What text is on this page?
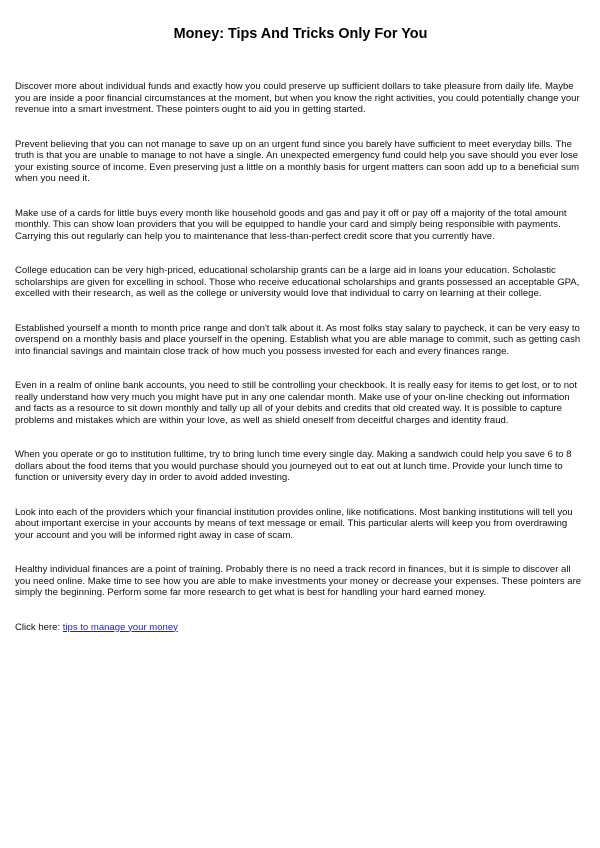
Money: Tips And Tricks Only For You

Discover more about individual funds and exactly how you could preserve up sufficient dollars to take pleasure from daily life. Maybe you are inside a poor financial circumstances at the moment, but when you know the right activities, you could potentially change your revenue into a smart investment. These pointers ought to aid you in getting started.

Prevent believing that you can not manage to save up on an urgent fund since you barely have sufficient to meet everyday bills. The truth is that you are unable to manage to not have a single. An unexpected emergency fund could help you save should you ever lose your existing source of income. Even preserving just a little on a monthly basis for urgent matters can soon add up to a beneficial sum when you need it.

Make use of a cards for little buys every month like household goods and gas and pay it off or pay off a majority of the total amount monthly. This can show loan providers that you will be equipped to handle your card and simply being responsible with payments. Carrying this out regularly can help you to maintenance that less-than-perfect credit score that you currently have.

College education can be very high-priced, educational scholarship grants can be a large aid in loans your education. Scholastic scholarships are given for excelling in school. Those who receive educational scholarships and grants possessed an acceptable GPA, excelled with their research, as well as the college or university would love that individual to carry on learning at their college.

Established yourself a month to month price range and don't talk about it. As most folks stay salary to paycheck, it can be very easy to overspend on a monthly basis and place yourself in the opening. Establish what you are able manage to commit, such as getting cash into financial savings and maintain close track of how much you possess invested for each and every finances range.

Even in a realm of online bank accounts, you need to still be controlling your checkbook. It is really easy for items to get lost, or to not really understand how very much you might have put in any one calendar month. Make use of your on-line checking out information and facts as a resource to sit down monthly and tally up all of your debits and credits that old created way. It is possible to capture problems and mistakes which are within your love, as well as shield oneself from deceitful charges and identity fraud.

When you operate or go to institution fulltime, try to bring lunch time every single day. Making a sandwich could help you save 6 to 8 dollars about the food items that you would purchase should you journeyed out to eat out at lunch time. Provide your lunch time to function or university every day in order to avoid added investing.

Look into each of the providers which your financial institution provides online, like notifications. Most banking institutions will tell you about important exercise in your accounts by means of text message or email. This particular alerts will keep you from overdrawing your account and you will be informed right away in case of scam.

Healthy individual finances are a point of training. Probably there is no need a track record in finances, but it is simple to discover all you need online. Make time to see how you are able to make investments your money or decrease your expenses. These pointers are simply the beginning. Perform some far more research to get what is best for handling your hard earned money.

Click here: tips to manage your money
